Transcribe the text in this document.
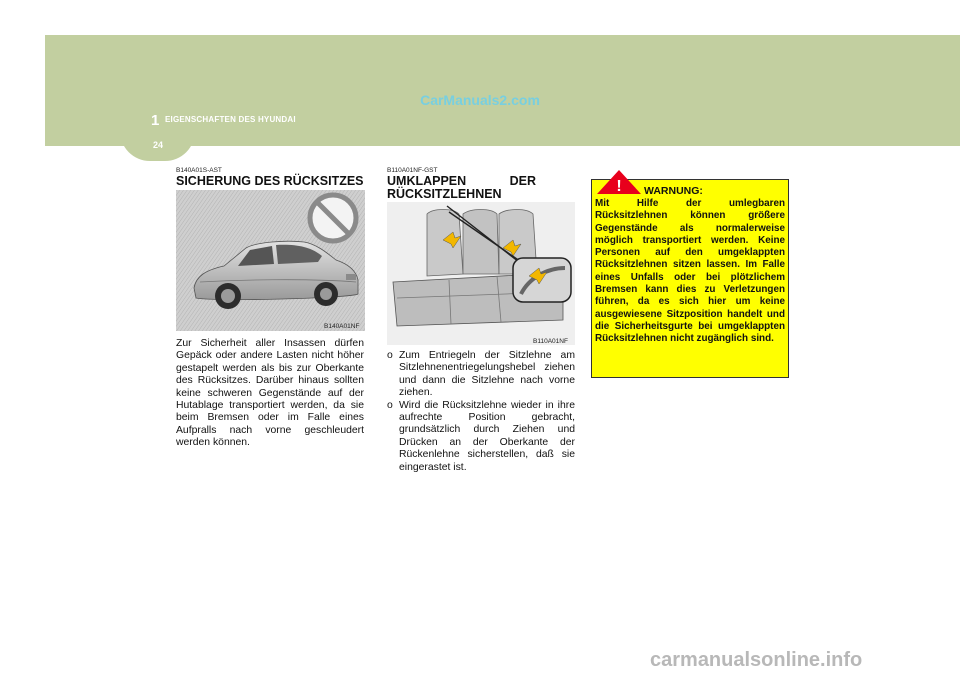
1 EIGENSCHAFTEN DES HYUNDAI
24
CarManuals2.com
B140A01S-AST
SICHERUNG DES RÜCKSITZES
B140A01NF
Zur Sicherheit aller Insassen dürfen Gepäck oder andere Lasten nicht höher gestapelt werden als bis zur Oberkante des Rücksitzes. Darüber hinaus sollten keine schweren Gegenstände auf der Hutablage transportiert werden, da sie beim Bremsen oder im Falle eines Aufpralls nach vorne geschleudert werden können.
B110A01NF-GST
UMKLAPPEN DER RÜCKSITZLEHNEN
B110A01NF
o Zum Entriegeln der Sitzlehne am Sitzlehnenentriegelungshebel ziehen und dann die Sitzlehne nach vorne ziehen.
o Wird die Rücksitzlehne wieder in ihre aufrechte Position gebracht, grundsätzlich durch Ziehen und Drücken an der Oberkante der Rückenlehne sicherstellen, daß sie eingerastet ist.
! WARNUNG:
Mit Hilfe der umlegbaren Rücksitzlehnen können größere Gegenstände als normalerweise möglich transportiert werden. Keine Personen auf den umgeklappten Rücksitzlehnen sitzen lassen. Im Falle eines Unfalls oder bei plötzlichem Bremsen kann dies zu Verletzungen führen, da es sich hier um keine ausgewiesene Sitzposition handelt und die Sicherheitsgurte bei umgeklappten Rücksitzlehnen nicht zugänglich sind.
carmanualsonline.info
